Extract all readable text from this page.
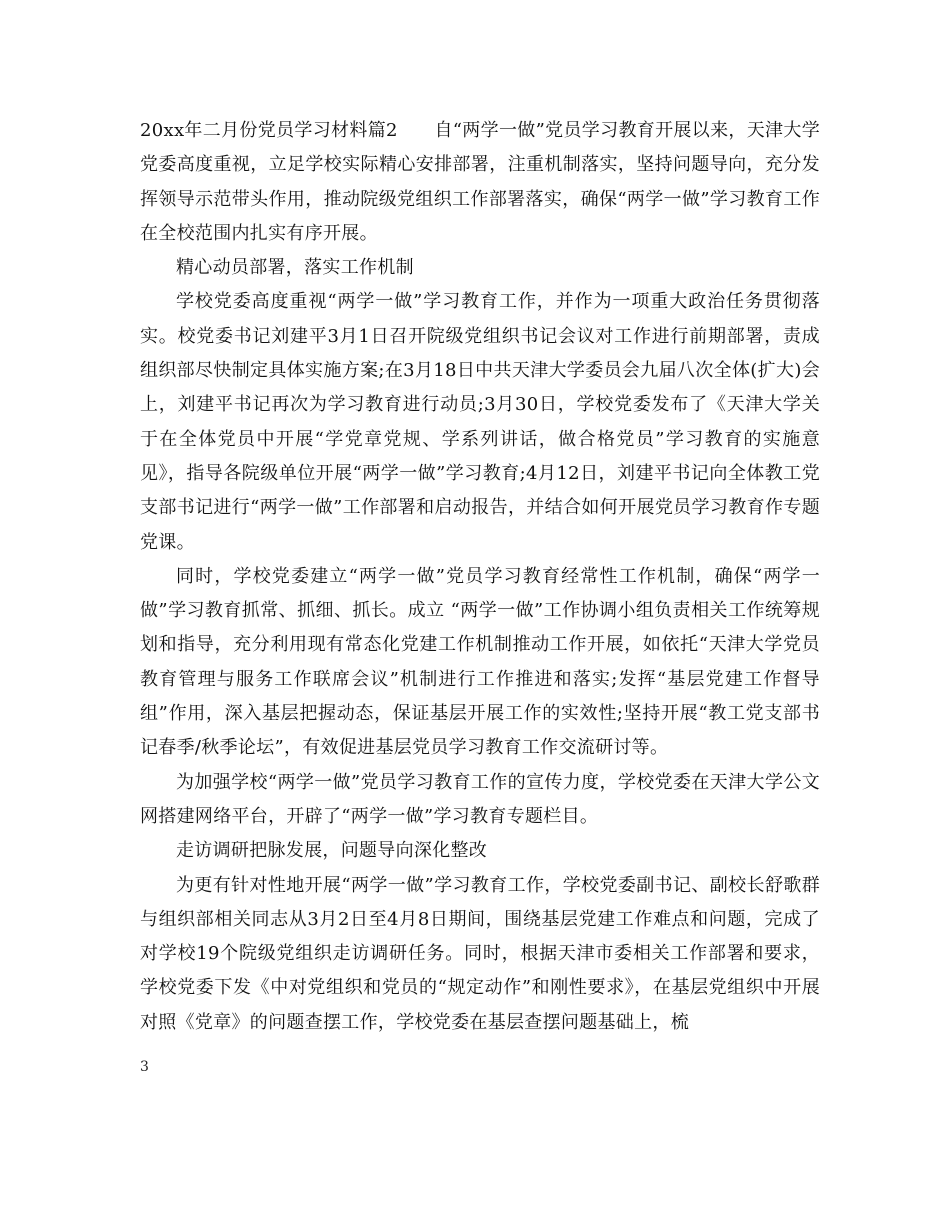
20xx年二月份党员学习材料篇2　　自“两学一做”党员学习教育开展以来，天津大学党委高度重视，立足学校实际精心安排部署，注重机制落实，坚持问题导向，充分发挥领导示范带头作用，推动院级党组织工作部署落实，确保“两学一做”学习教育工作在全校范围内扎实有序开展。

精心动员部署，落实工作机制

学校党委高度重视“两学一做”学习教育工作，并作为一项重大政治任务贯彻落实。校党委书记刘建平3月1日召开院级党组织书记会议对工作进行前期部署，责成组织部尽快制定具体实施方案;在3月18日中共天津大学委员会九届八次全体(扩大)会上，刘建平书记再次为学习教育进行动员;3月30日，学校党委发布了《天津大学关于在全体党员中开展“学党章党规、学系列讲话，做合格党员”学习教育的实施意见》，指导各院级单位开展“两学一做”学习教育;4月12日，刘建平书记向全体教工党支部书记进行“两学一做”工作部署和启动报告，并结合如何开展党员学习教育作专题党课。

同时，学校党委建立“两学一做”党员学习教育经常性工作机制，确保“两学一做”学习教育抓常、抓细、抓长。成立 “两学一做”工作协调小组负责相关工作统筹规划和指导，充分利用现有常态化党建工作机制推动工作开展，如依托“天津大学党员教育管理与服务工作联席会议”机制进行工作推进和落实;发挥“基层党建工作督导组”作用，深入基层把握动态，保证基层开展工作的实效性;坚持开展“教工党支部书记春季/秋季论坛”，有效促进基层党员学习教育工作交流研讨等。

为加强学校“两学一做”党员学习教育工作的宣传力度，学校党委在天津大学公文网搭建网络平台，开辟了“两学一做”学习教育专题栏目。

走访调研把脉发展，问题导向深化整改

为更有针对性地开展“两学一做”学习教育工作，学校党委副书记、副校长舒歌群与组织部相关同志从3月2日至4月8日期间，围绕基层党建工作难点和问题，完成了对学校19个院级党组织走访调研任务。同时，根据天津市委相关工作部署和要求，学校党委下发《中对党组织和党员的“规定动作”和刚性要求》，在基层党组织中开展对照《党章》的问题查摆工作，学校党委在基层查摆问题基础上，梳

3
